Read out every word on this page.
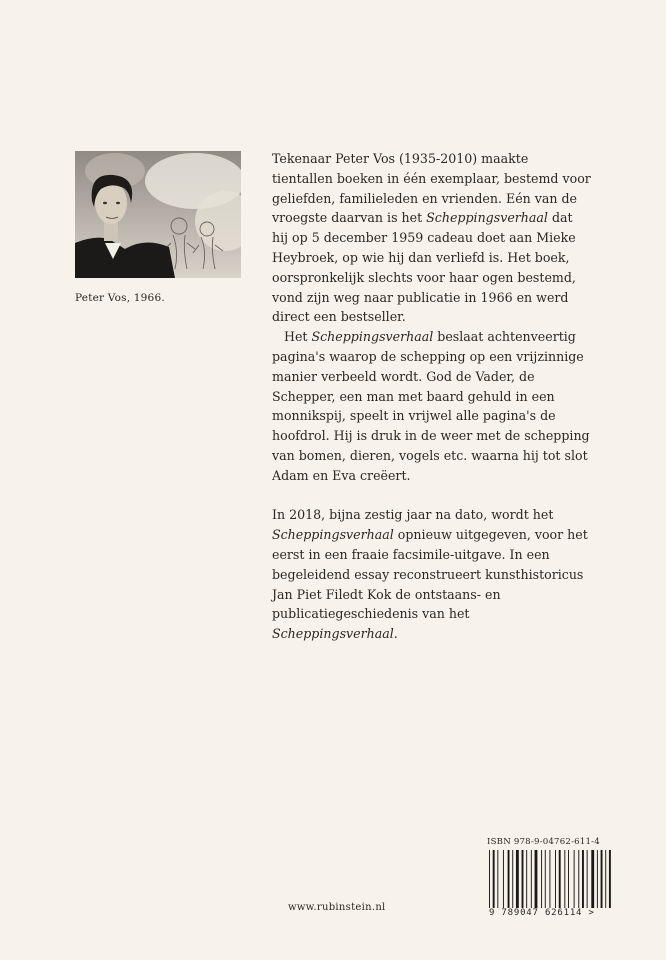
Peter Vos, 1966.

Tekenaar Peter Vos (1935-2010) maakte tientallen boeken in één exemplaar, bestemd voor geliefden, familieleden en vrienden. Eén van de vroegste daarvan is het Scheppingsverhaal dat hij op 5 december 1959 cadeau doet aan Mieke Heybroek, op wie hij dan verliefd is. Het boek, oorspronkelijk slechts voor haar ogen bestemd, vond zijn weg naar publicatie in 1966 en werd direct een bestseller.

Het Scheppingsverhaal beslaat achtenveertig pagina's waarop de schepping op een vrijzinnige manier verbeeld wordt. God de Vader, de Schepper, een man met baard gehuld in een monnikspij, speelt in vrijwel alle pagina's de hoofdrol. Hij is druk in de weer met de schepping van bomen, dieren, vogels etc. waarna hij tot slot Adam en Eva creëert.

In 2018, bijna zestig jaar na dato, wordt het Scheppingsverhaal opnieuw uitgegeven, voor het eerst in een fraaie facsimile-uitgave. In een begeleidend essay reconstrueert kunsthistoricus Jan Piet Filedt Kok de ontstaans- en publicatiegeschiedenis van het Scheppingsverhaal.

ISBN 978-9-04762-611-4
9 789047 626114 >
www.rubinstein.nl
